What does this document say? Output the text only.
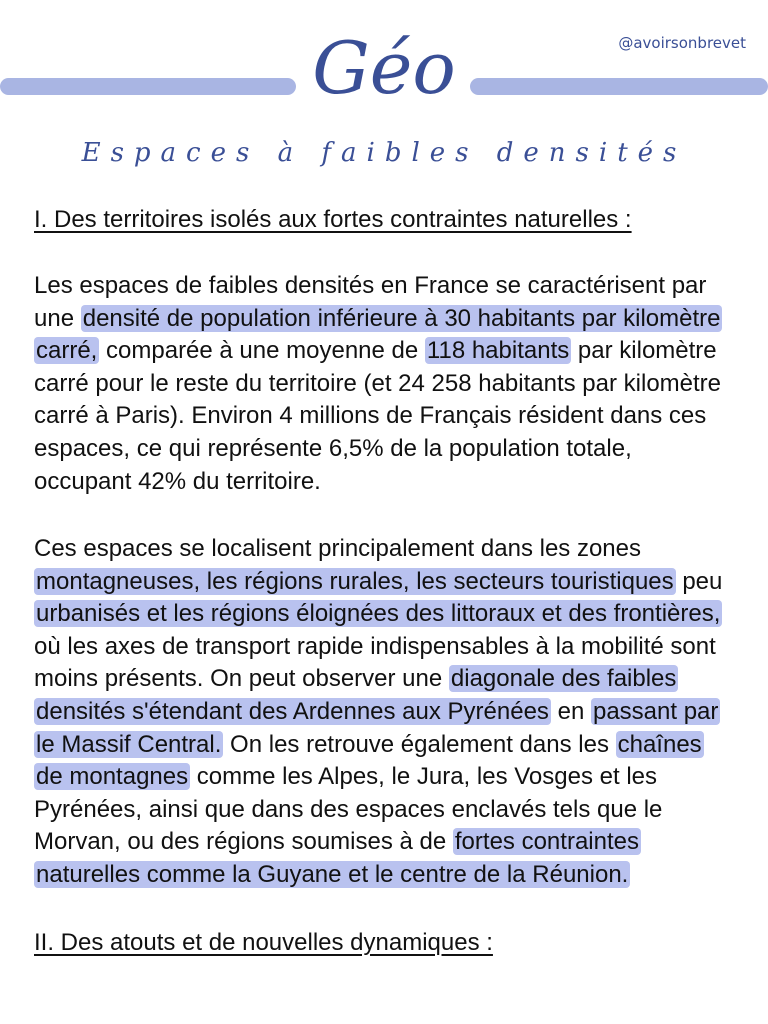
@avoirsonbrevet
Géo
Espaces à faibles densités
I. Des territoires isolés aux fortes contraintes naturelles :
Les espaces de faibles densités en France se caractérisent par une densité de population inférieure à 30 habitants par kilomètre carré, comparée à une moyenne de 118 habitants par kilomètre carré pour le reste du territoire (et 24 258 habitants par kilomètre carré à Paris). Environ 4 millions de Français résident dans ces espaces, ce qui représente 6,5% de la population totale, occupant 42% du territoire.
Ces espaces se localisent principalement dans les zones montagneuses, les régions rurales, les secteurs touristiques peu urbanisés et les régions éloignées des littoraux et des frontières, où les axes de transport rapide indispensables à la mobilité sont moins présents. On peut observer une diagonale des faibles densités s'étendant des Ardennes aux Pyrénées en passant par le Massif Central. On les retrouve également dans les chaînes de montagnes comme les Alpes, le Jura, les Vosges et les Pyrénées, ainsi que dans des espaces enclavés tels que le Morvan, ou des régions soumises à de fortes contraintes naturelles comme la Guyane et le centre de la Réunion.
II. Des atouts et de nouvelles dynamiques :
